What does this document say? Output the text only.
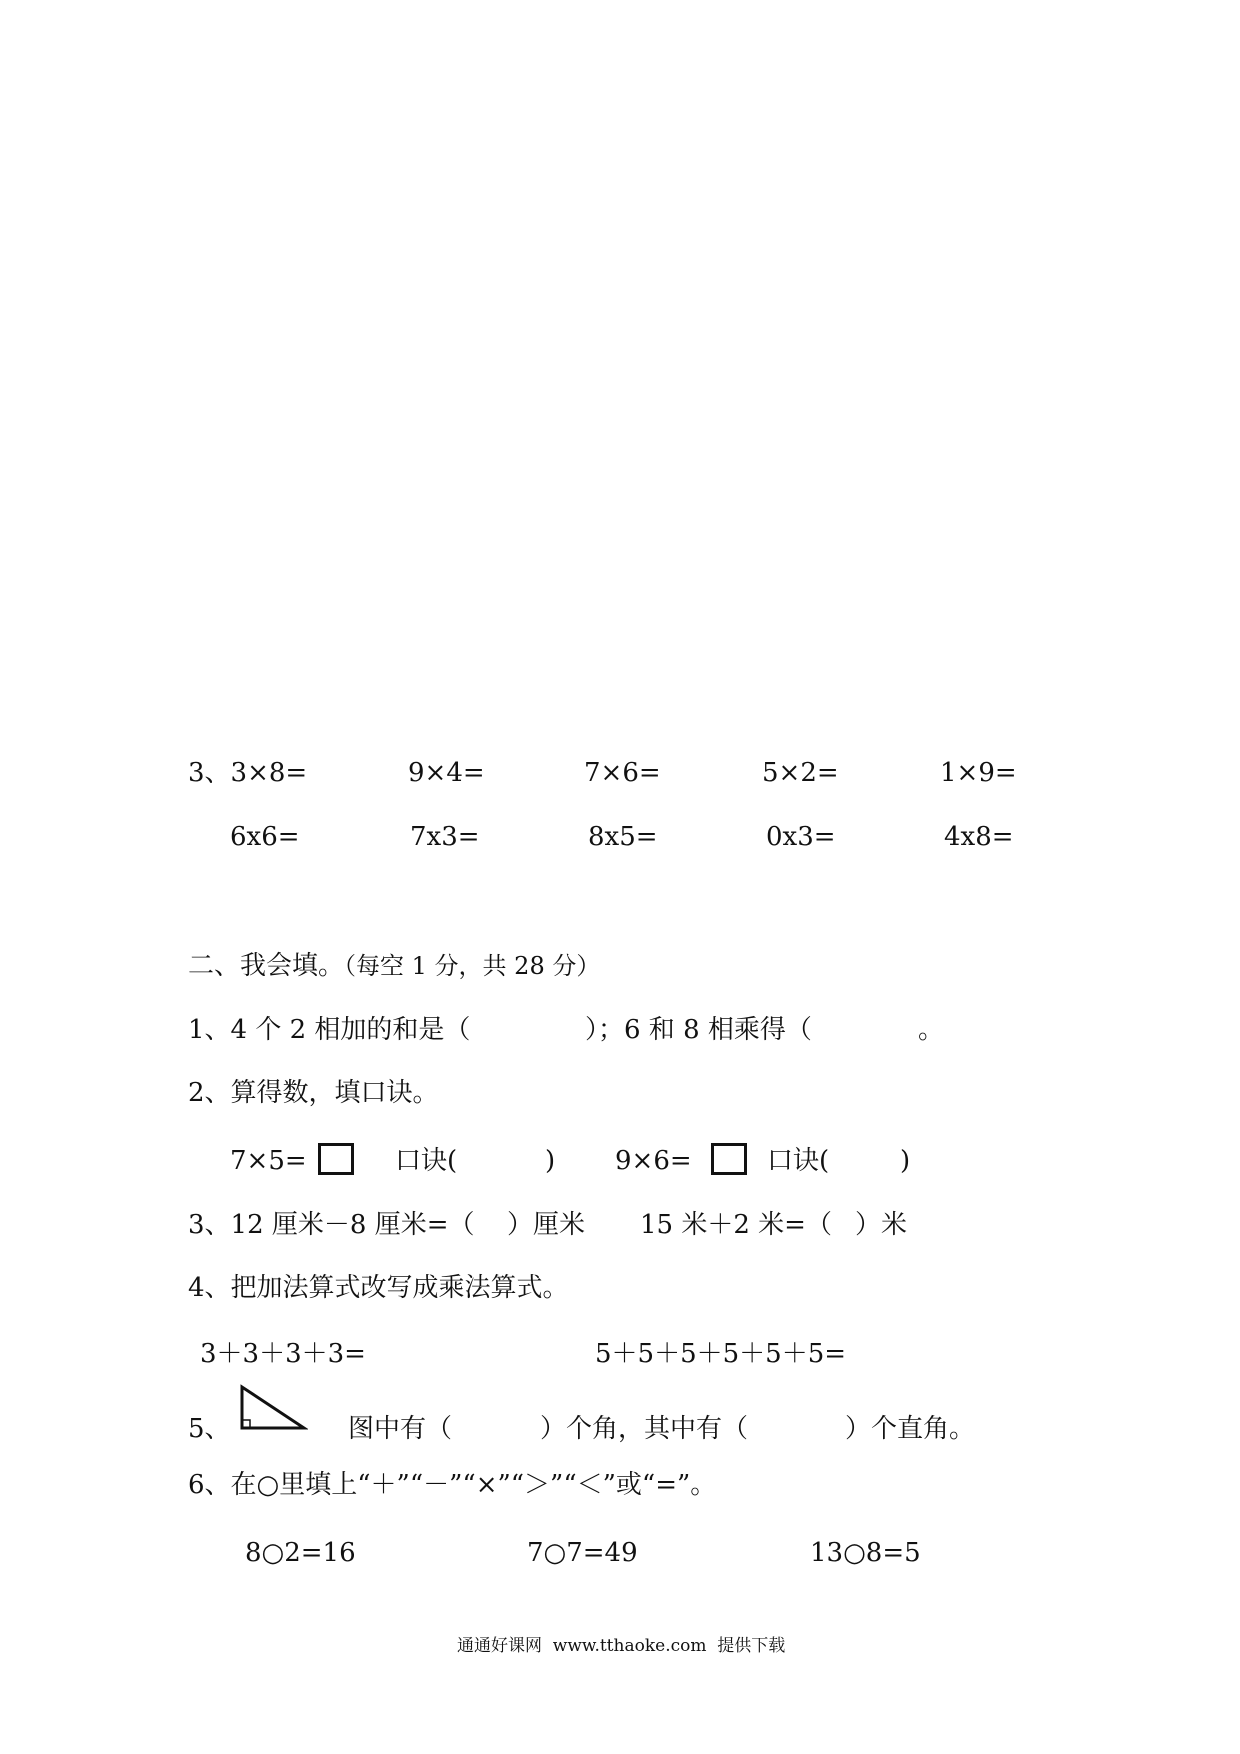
3、3×8=	9×4=	7×6=	5×2=	1×9=
6x6=	7x3=	8x5=	0x3=	4x8=
二、我会填。（每空 1 分，共 28 分）
1、4 个 2 相加的和是（	）；6 和 8 相乘得（	。
2、算得数，填口诀。
7×5=	口诀(	) 9×6=	口诀(	)
3、12 厘米－8 厘米=（ ）厘米 15 米＋2 米=（ ）米
4、把加法算式改写成乘法算式。
3＋3＋3＋3=	5＋5＋5＋5＋5＋5=
5、	图中有（	）个角，其中有（	）个直角。
6、在○里填上“＋”“－”“×”“＞”“＜”或“=”。
8○2=16	7○7=49	13○8=5
通通好课网  www.tthaoke.com  提供下载
